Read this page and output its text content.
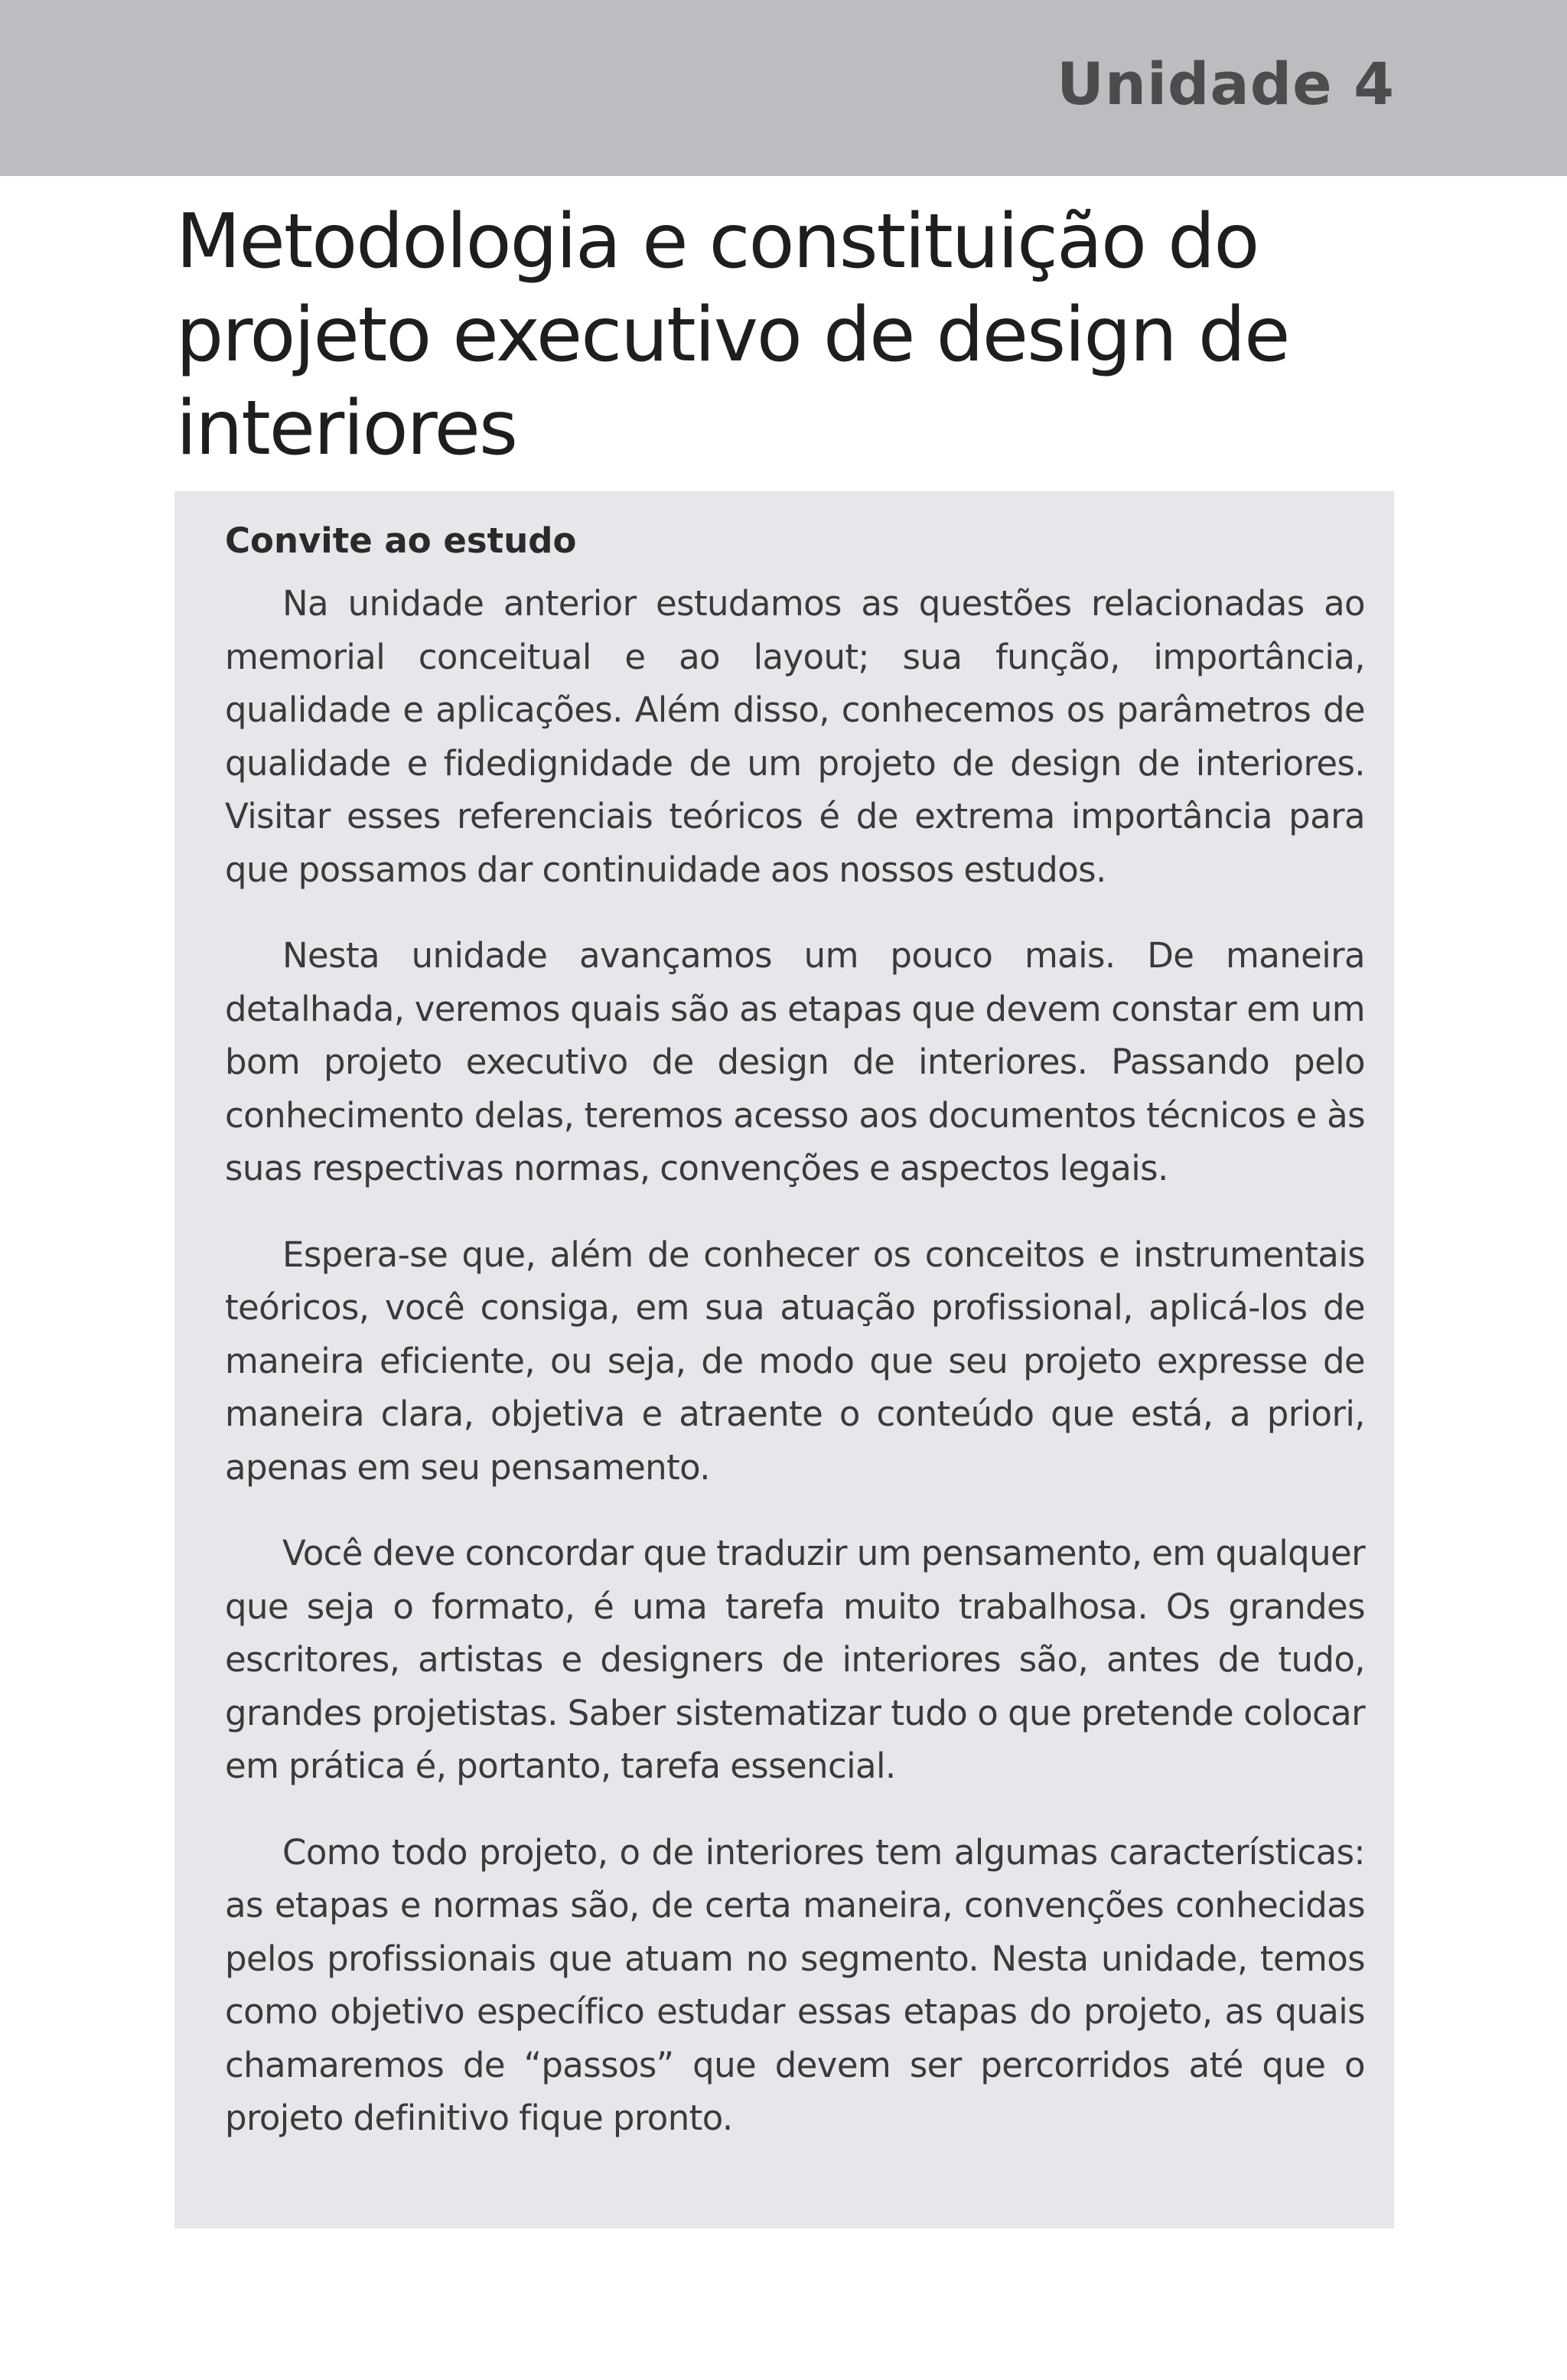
Unidade 4
Metodologia e constituição do
projeto executivo de design de
interiores
Convite ao estudo

Na unidade anterior estudamos as questões relacionadas ao memorial conceitual e ao layout; sua função, importância, qualidade e aplicações. Além disso, conhecemos os parâmetros de qualidade e fidedignidade de um projeto de design de interiores. Visitar esses referenciais teóricos é de extrema importância para que possamos dar continuidade aos nossos estudos.

Nesta unidade avançamos um pouco mais. De maneira detalhada, veremos quais são as etapas que devem constar em um bom projeto executivo de design de interiores. Passando pelo conhecimento delas, teremos acesso aos documentos técnicos e às suas respectivas normas, convenções e aspectos legais.

Espera-se que, além de conhecer os conceitos e instrumentais teóricos, você consiga, em sua atuação profissional, aplicá-los de maneira eficiente, ou seja, de modo que seu projeto expresse de maneira clara, objetiva e atraente o conteúdo que está, a priori, apenas em seu pensamento.

Você deve concordar que traduzir um pensamento, em qualquer que seja o formato, é uma tarefa muito trabalhosa. Os grandes escritores, artistas e designers de interiores são, antes de tudo, grandes projetistas. Saber sistematizar tudo o que pretende colocar em prática é, portanto, tarefa essencial.

Como todo projeto, o de interiores tem algumas características: as etapas e normas são, de certa maneira, convenções conhecidas pelos profissionais que atuam no segmento. Nesta unidade, temos como objetivo específico estudar essas etapas do projeto, as quais chamaremos de “passos” que devem ser percorridos até que o projeto definitivo fique pronto.
